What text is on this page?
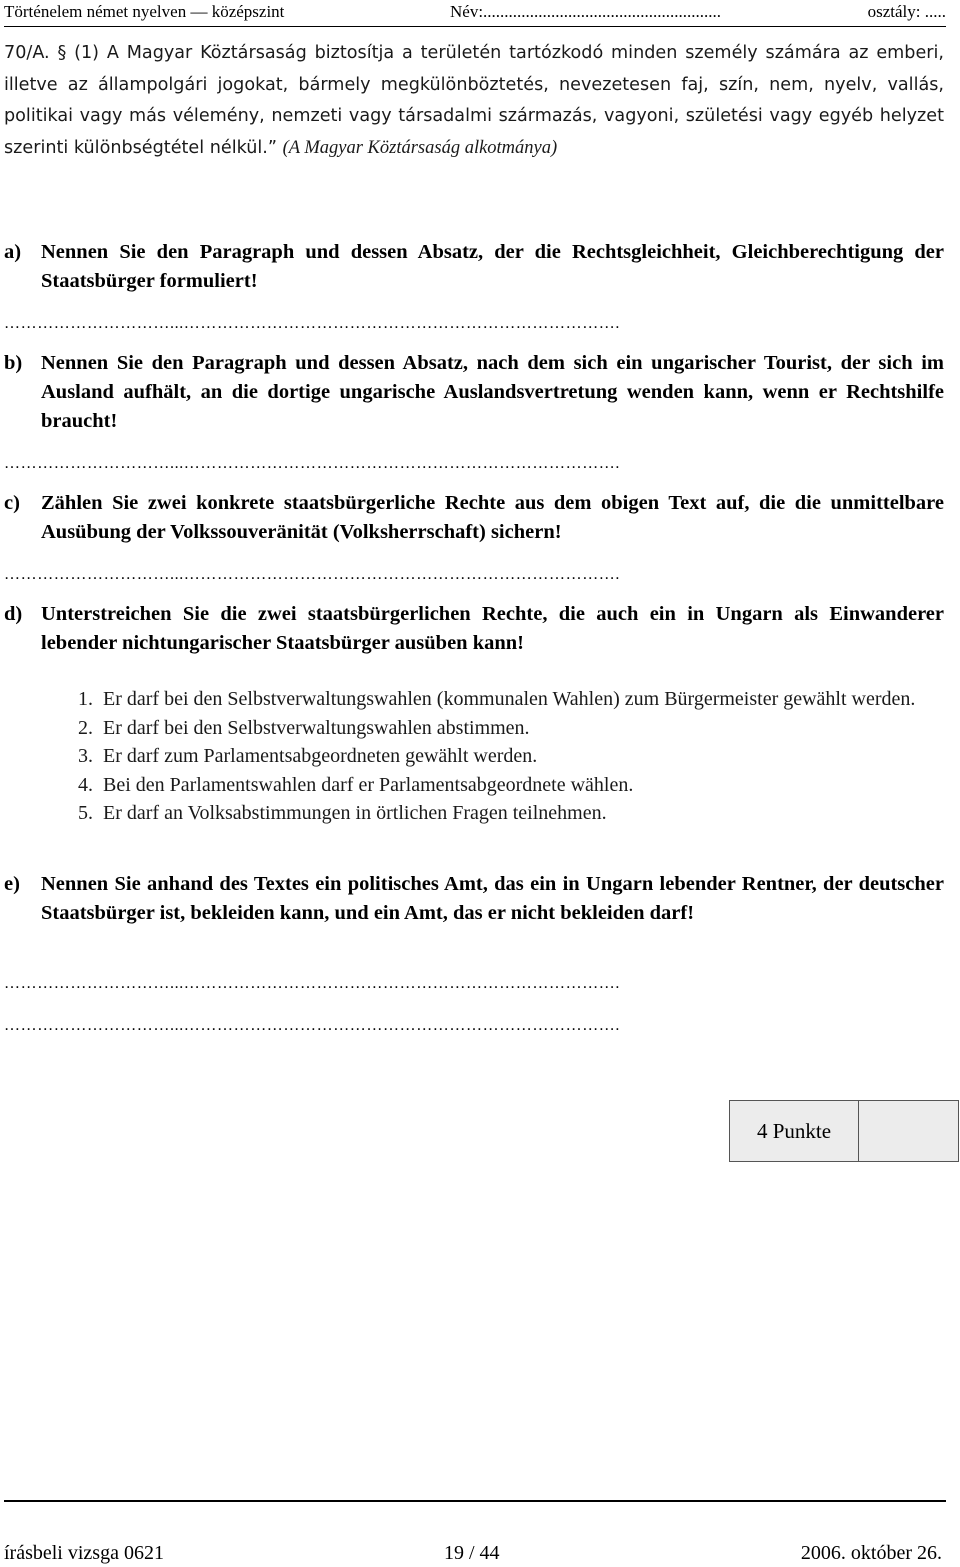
Történelem német nyelven — középszint	Név:........................................................	osztály: .....
70/A. § (1) A Magyar Köztársaság biztosítja a területén tartózkodó minden személy számára az emberi, illetve az állampolgári jogokat, bármely megkülönböztetés, nevezetesen faj, szín, nem, nyelv, vallás, politikai vagy más vélemény, nemzeti vagy társadalmi származás, vagyoni, születési vagy egyéb helyzet szerinti különbségtétel nélkül.” (A Magyar Köztársaság alkotmánya)
a) Nennen Sie den Paragraph und dessen Absatz, der die Rechtsgleichheit, Gleichberechtigung der Staatsbürger formuliert!
…………………………...…………………………………………………………………….
b) Nennen Sie den Paragraph und dessen Absatz, nach dem sich ein ungarischer Tourist, der sich im Ausland aufhält, an die dortige ungarische Auslandsvertretung wenden kann, wenn er Rechtshilfe braucht!
…………………………...…………………………………………………………………….
c) Zählen Sie zwei konkrete staatsbürgerliche Rechte aus dem obigen Text auf, die die unmittelbare Ausübung der Volkssouveränität (Volksherrschaft) sichern!
…………………………...…………………………………………………………………….
d) Unterstreichen Sie die zwei staatsbürgerlichen Rechte, die auch ein in Ungarn als Einwanderer lebender nichtungarischer Staatsbürger ausüben kann!
1. Er darf bei den Selbstverwaltungswahlen (kommunalen Wahlen) zum Bürgermeister gewählt werden.
2. Er darf bei den Selbstverwaltungswahlen abstimmen.
3. Er darf zum Parlamentsabgeordneten gewählt werden.
4. Bei den Parlamentswahlen darf er Parlamentsabgeordnete wählen.
5. Er darf an Volksabstimmungen in örtlichen Fragen teilnehmen.
e) Nennen Sie anhand des Textes ein politisches Amt, das ein in Ungarn lebender Rentner, der deutscher Staatsbürger ist, bekleiden kann, und ein Amt, das er nicht bekleiden darf!
…………………………...…………………………………………………………………….
…………………………...…………………………………………………………………….
4 Punkte
írásbeli vizsga 0621	19 / 44	2006. október 26.
